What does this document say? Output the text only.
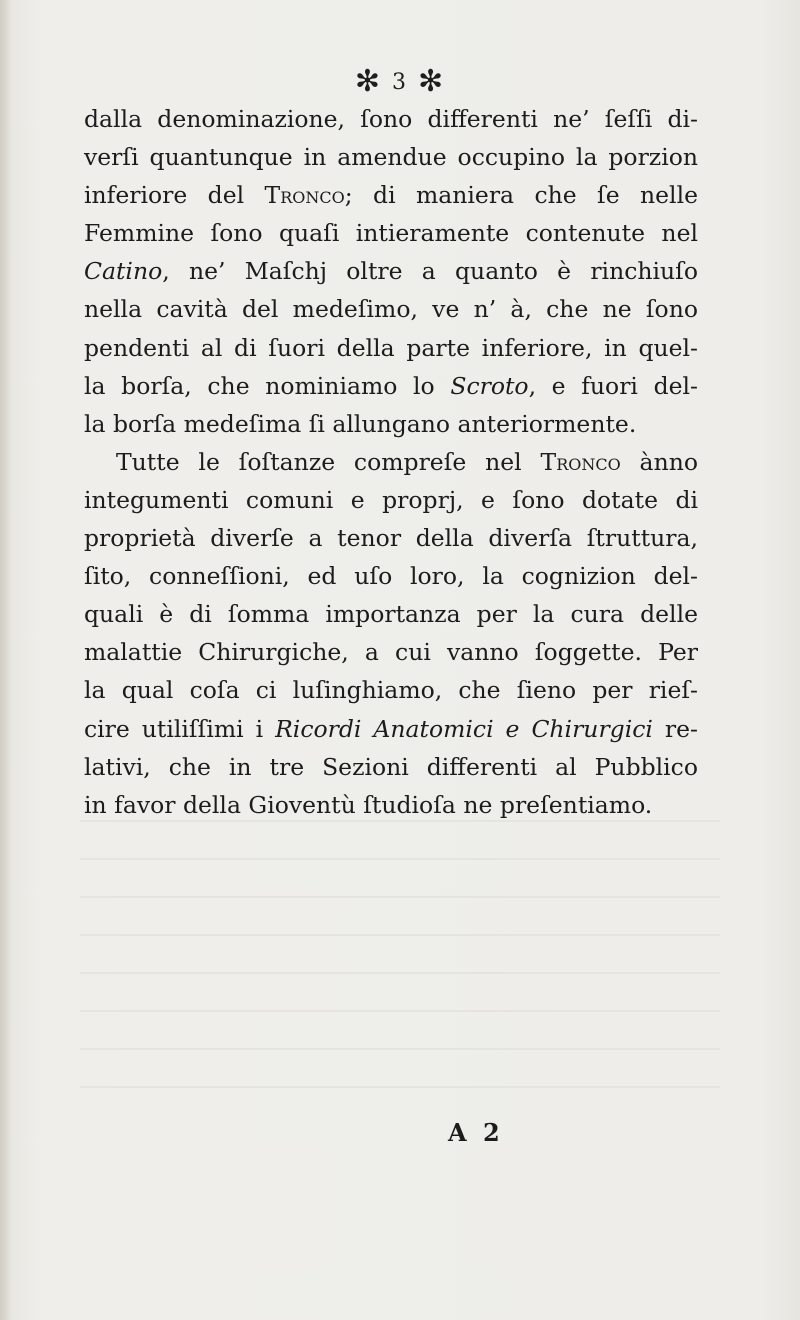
✻ 3 ✻
dalla denominazione, ſono differenti ne’ ſeſſi di-
verſi quantunque in amendue occupino la porzion
inferiore del Tronco; di maniera che ſe nelle
Femmine ſono quaſi intieramente contenute nel
Catino, ne’ Maſchj oltre a quanto è rinchiuſo
nella cavità del medeſimo, ve n’ à, che ne ſono
pendenti al di ſuori della parte inferiore, in quel-
la borſa, che nominiamo lo Scroto, e fuori del-
la borſa medeſima ſi allungano anteriormente.
Tutte le ſoſtanze compreſe nel Tronco ànno
integumenti comuni e proprj, e ſono dotate di
proprietà diverſe a tenor della diverſa ſtruttura,
ſito, conneſſioni, ed uſo loro, la cognizion del-
quali è di ſomma importanza per la cura delle
malattie Chirurgiche, a cui vanno ſoggette. Per
la qual coſa ci luſinghiamo, che ſieno per rieſ-
cire utiliſſimi i Ricordi Anatomici e Chirurgici re-
lativi, che in tre Sezioni differenti al Pubblico
in favor della Gioventù ſtudioſa ne preſentiamo.
A 2
